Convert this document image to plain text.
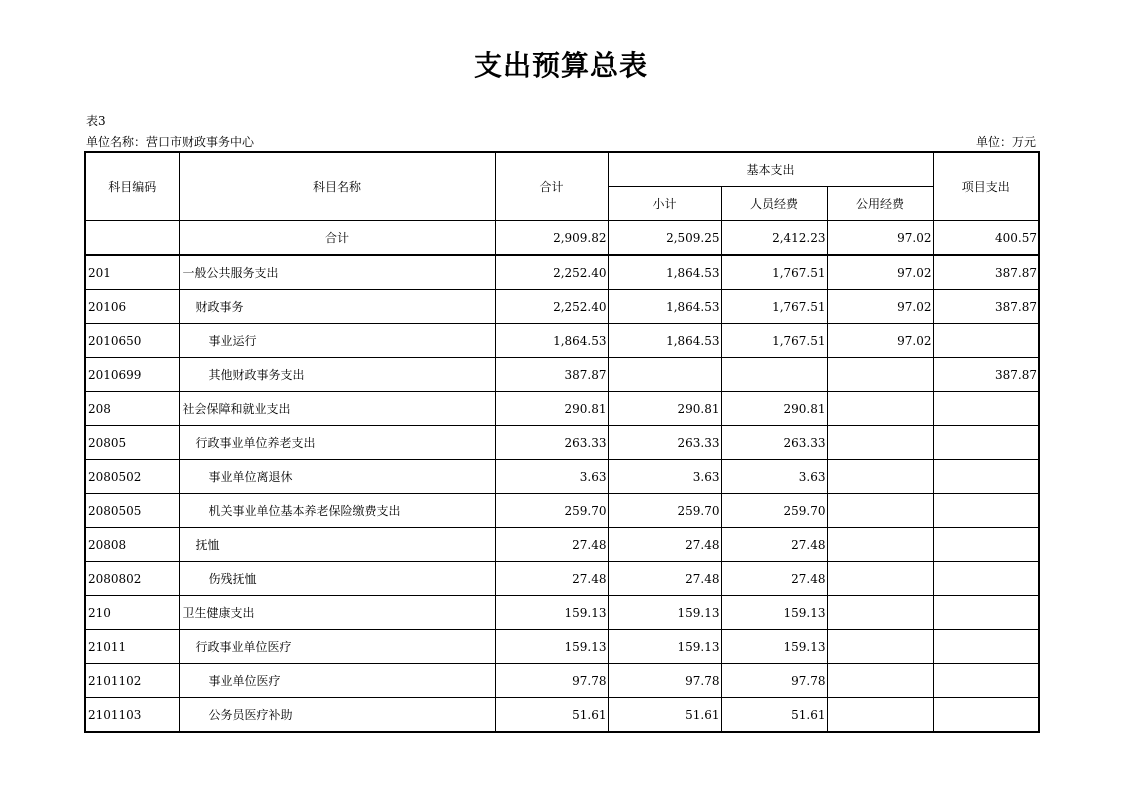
支出预算总表
表3
单位名称：营口市财政事务中心	单位：万元
科目编码	科目名称	合计	基本支出			项目支出
			小计	人员经费	公用经费	
	合计	2,909.82	2,509.25	2,412.23	97.02	400.57
201	一般公共服务支出	2,252.40	1,864.53	1,767.51	97.02	387.87
20106	财政事务	2,252.40	1,864.53	1,767.51	97.02	387.87
2010650	事业运行	1,864.53	1,864.53	1,767.51	97.02	
2010699	其他财政事务支出	387.87				387.87
208	社会保障和就业支出	290.81	290.81	290.81		
20805	行政事业单位养老支出	263.33	263.33	263.33		
2080502	事业单位离退休	3.63	3.63	3.63		
2080505	机关事业单位基本养老保险缴费支出	259.70	259.70	259.70		
20808	抚恤	27.48	27.48	27.48		
2080802	伤残抚恤	27.48	27.48	27.48		
210	卫生健康支出	159.13	159.13	159.13		
21011	行政事业单位医疗	159.13	159.13	159.13		
2101102	事业单位医疗	97.78	97.78	97.78		
2101103	公务员医疗补助	51.61	51.61	51.61		
